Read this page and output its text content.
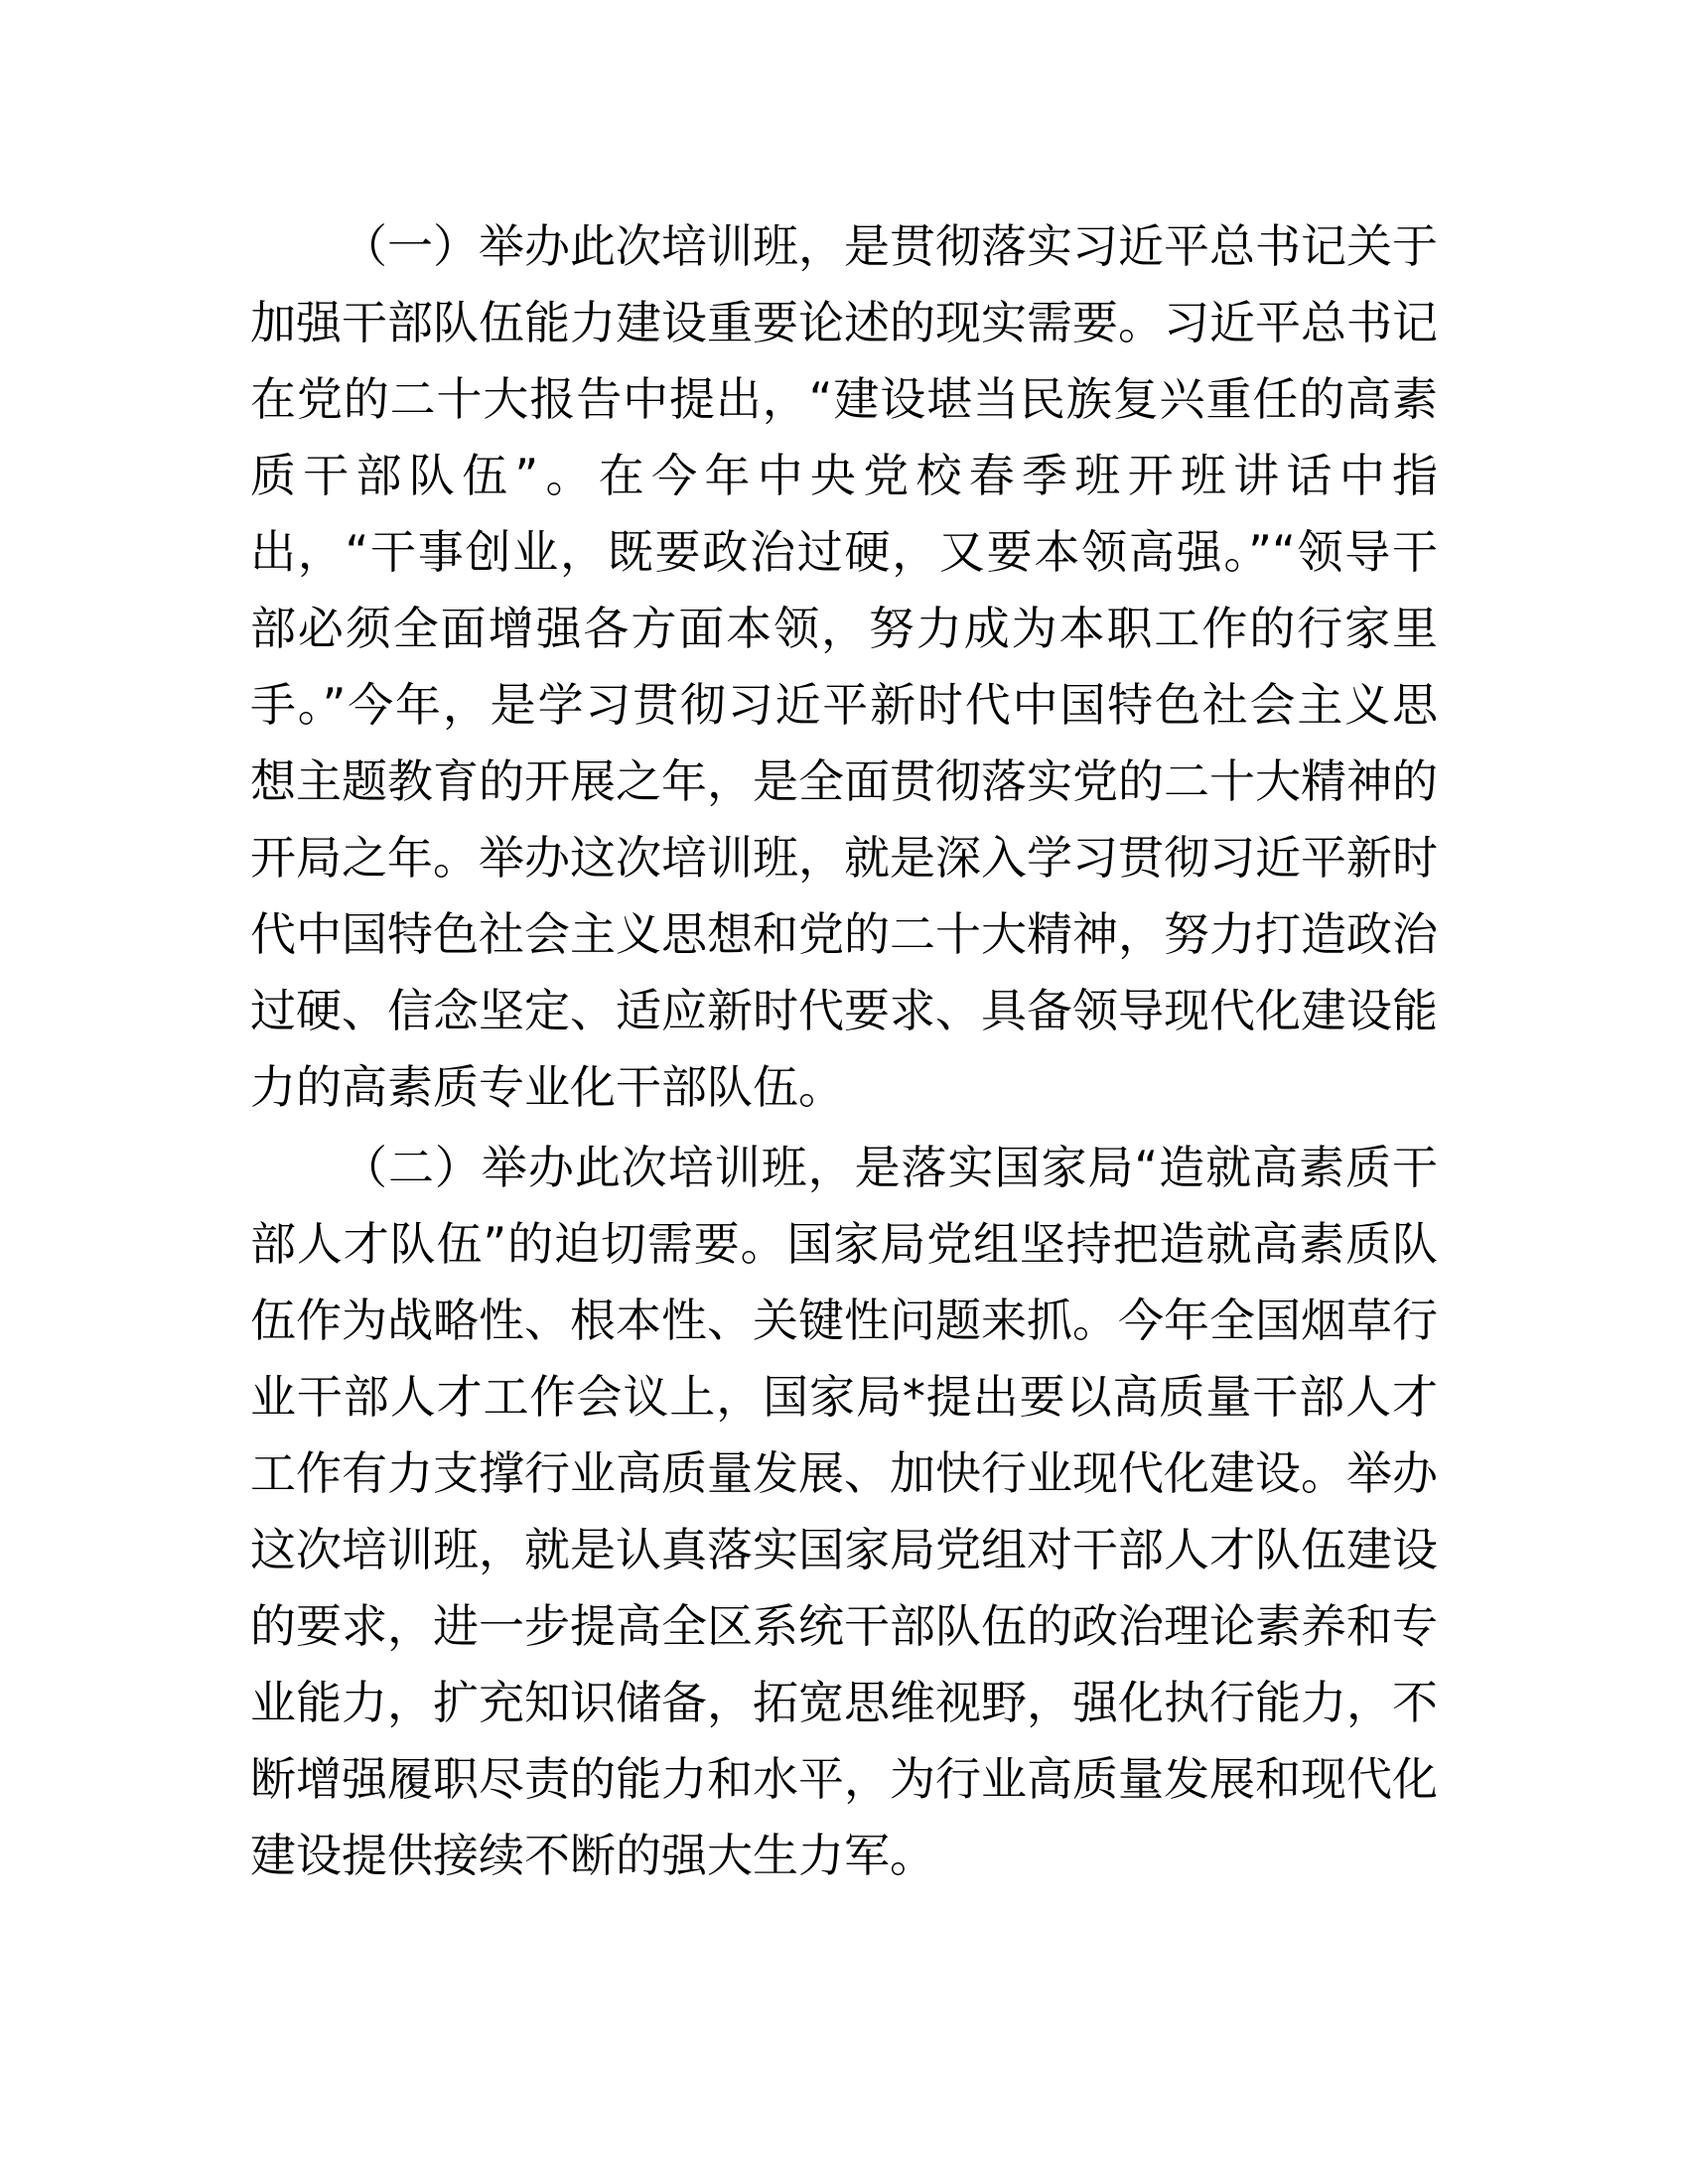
（一）举办此次培训班，是贯彻落实习近平总书记关于加强干部队伍能力建设重要论述的现实需要。习近平总书记在党的二十大报告中提出，“建设堪当民族复兴重任的高素质干部队伍”。在今年中央党校春季班开班讲话中指出，“干事创业，既要政治过硬，又要本领高强。”“领导干部必须全面增强各方面本领，努力成为本职工作的行家里手。”今年，是学习贯彻习近平新时代中国特色社会主义思想主题教育的开展之年，是全面贯彻落实党的二十大精神的开局之年。举办这次培训班，就是深入学习贯彻习近平新时代中国特色社会主义思想和党的二十大精神，努力打造政治过硬、信念坚定、适应新时代要求、具备领导现代化建设能力的高素质专业化干部队伍。

（二）举办此次培训班，是落实国家局“造就高素质干部人才队伍”的迫切需要。国家局党组坚持把造就高素质队伍作为战略性、根本性、关键性问题来抓。今年全国烟草行业干部人才工作会议上，国家局*提出要以高质量干部人才工作有力支撑行业高质量发展、加快行业现代化建设。举办这次培训班，就是认真落实国家局党组对干部人才队伍建设的要求，进一步提高全区系统干部队伍的政治理论素养和专业能力，扩充知识储备，拓宽思维视野，强化执行能力，不断增强履职尽责的能力和水平，为行业高质量发展和现代化建设提供接续不断的强大生力军。
